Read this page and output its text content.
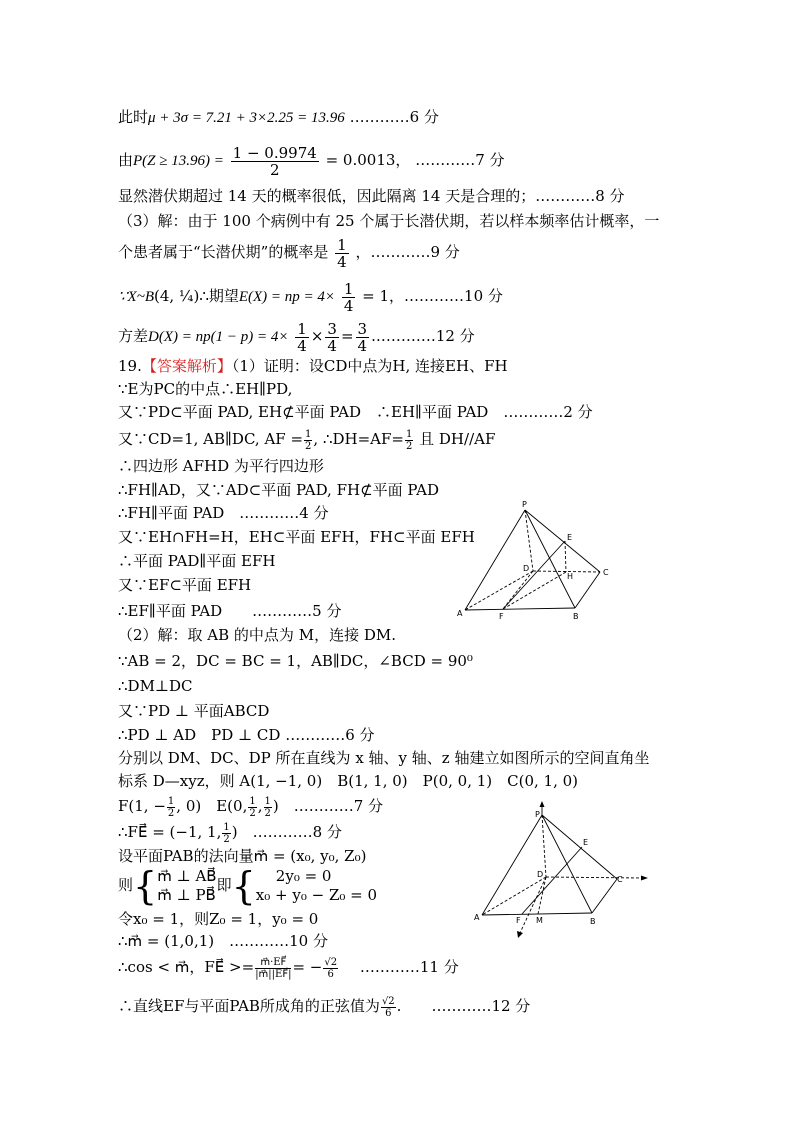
此时μ + 3σ = 7.21 + 3×2.25 = 13.96 …………6 分
由$P(Z \ge 13.96) = \frac{1 - 0.9974}{2} = 0.0013$， …………7 分
显然潜伏期超过 14 天的概率很低，因此隔离 14 天是合理的；…………8 分
（3）解：由于 100 个病例中有 25 个属于长潜伏期，若以样本频率估计概率，一
个患者属于“长潜伏期”的概率是 $\frac{1}{4}$ ，…………9 分
∵X~B(4, ¼)∴期望E(X) = np = $4\times \frac{1}{4} = 1$，…………10 分
方差$D(X) = np(1 - p) = 4\times \frac{1}{4} \times \frac{3}{4} = \frac{3}{4}$ .…………12 分
19.【答案解析】（1）证明：设CD中点为H, 连接EH、FH
∵E为PC的中点∴EH∥PD,
又∵PD⊂平面 PAD, EH⊄平面 PAD　 ∴EH∥平面 PAD　 …………2 分
又∵CD=1, AB∥DC, AF = $\frac{1}{2}$ , ∴DH=AF= $\frac{1}{2}$ 且 DH//AF
∴四边形 AFHD 为平行四边形
∴FH∥AD，又∵AD⊂平面 PAD, FH⊄平面 PAD
∴FH∥平面 PAD　…………4 分
又∵EH∩FH=H，EH⊂平面 EFH，FH⊂平面 EFH
∴平面 PAD∥平面 EFH
又∵EF⊂平面 EFH
∴EF∥平面 PAD　　…………5 分
（2）解：取 AB 的中点为 M，连接 DM.
∵AB = 2，DC = BC = 1，AB∥DC，∠BCD = 90⁰
∴DM⊥DC
又∵PD ⊥ 平面ABCD
∴PD ⊥ AD　PD ⊥ CD …………6 分
分别以 DM、DC、DP 所在直线为 x 轴、y 轴、z 轴建立如图所示的空间直角坐
标系 D—xyz，则 A(1, −1, 0)　B(1, 1, 0)　P(0, 0, 1)　C(0, 1, 0)
F(1, − $\frac{1}{2}$ , 0)　E(0, $\frac{1}{2}$ , $\frac{1}{2}$ )　…………7 分
∴FE⃗ = (−1, 1, $\frac{1}{2}$ )　…………8 分
设平面PAB的法向量m⃗ = (x₀, y₀, Z₀)
则{ m⃗ ⊥ AB⃗
m⃗ ⊥ PB⃗
即{	2y₀ = 0
x₀ + y₀ − Z₀ = 0
令x₀ = 1，则Z₀ = 1，y₀ = 0
∴m⃗ = (1,0,1)　…………10 分
∴cos < m⃗，FE⃗ >= $\frac{m⃗\cdot EF⃗}{|m⃗||EF⃗|}$ = − $\frac{√2}{6}$ …………11 分
∴直线EF与平面PAB所成角的正弦值为 $\frac{√2}{6}$ .　　…………12 分
P
E
D
H	C
A	F	B
P
E
D
C
A	F M	B
